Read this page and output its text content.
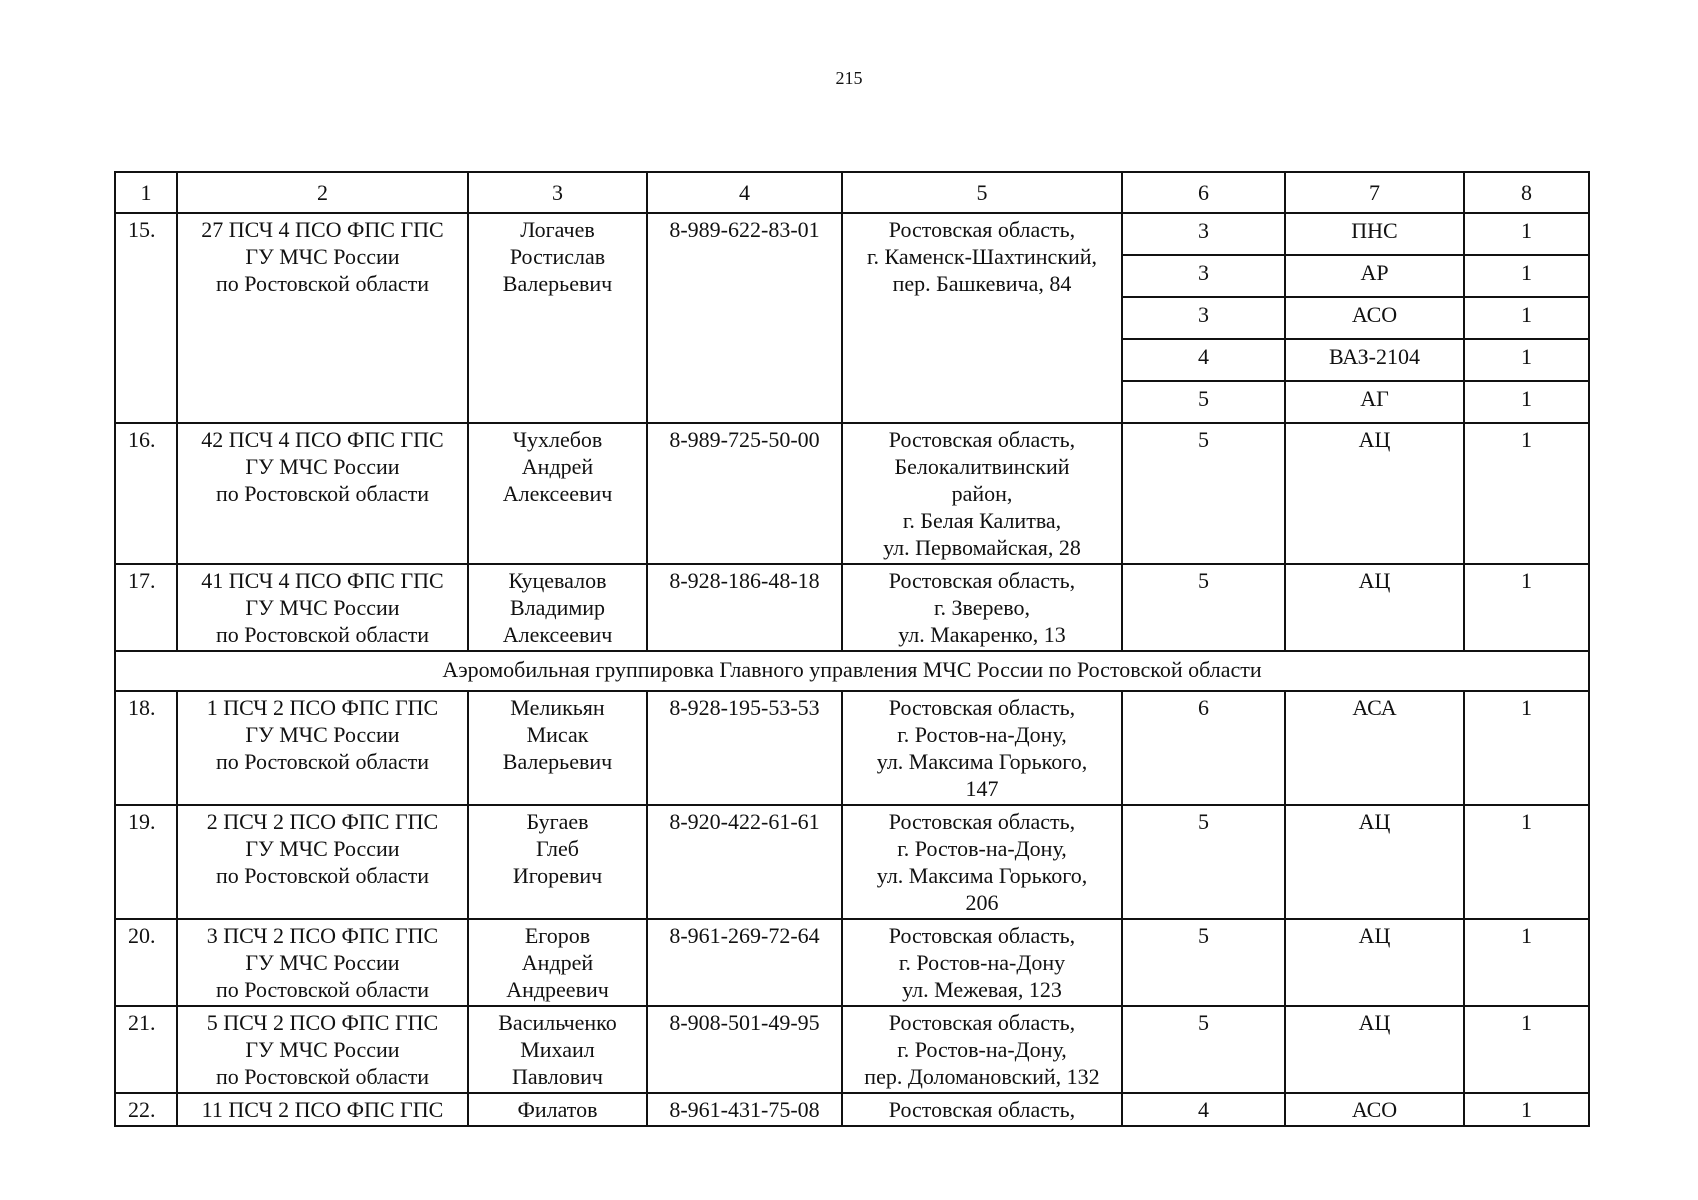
215
1	2	3	4	5	6	7	8
15.	27 ПСЧ 4 ПСО ФПС ГПС
ГУ МЧС России
по Ростовской области	Логачев
Ростислав
Валерьевич	8-989-622-83-01	Ростовская область,
г. Каменск-Шахтинский,
пер. Башкевича, 84	3	ПНС	1
					3	АР	1
					3	АСО	1
					4	ВАЗ-2104	1
					5	АГ	1
16.	42 ПСЧ 4 ПСО ФПС ГПС
ГУ МЧС России
по Ростовской области	Чухлебов
Андрей
Алексеевич	8-989-725-50-00	Ростовская область,
Белокалитвинский
район,
г. Белая Калитва,
ул. Первомайская, 28	5	АЦ	1
17.	41 ПСЧ 4 ПСО ФПС ГПС
ГУ МЧС России
по Ростовской области	Куцевалов
Владимир
Алексеевич	8-928-186-48-18	Ростовская область,
г. Зверево,
ул. Макаренко, 13	5	АЦ	1
Аэромобильная группировка Главного управления МЧС России по Ростовской области							
18.	1 ПСЧ 2 ПСО ФПС ГПС
ГУ МЧС России
по Ростовской области	Меликьян
Мисак
Валерьевич	8-928-195-53-53	Ростовская область,
г. Ростов-на-Дону,
ул. Максима Горького,
147	6	АСА	1
19.	2 ПСЧ 2 ПСО ФПС ГПС
ГУ МЧС России
по Ростовской области	Бугаев
Глеб
Игоревич	8-920-422-61-61	Ростовская область,
г. Ростов-на-Дону,
ул. Максима Горького,
206	5	АЦ	1
20.	3 ПСЧ 2 ПСО ФПС ГПС
ГУ МЧС России
по Ростовской области	Егоров
Андрей
Андреевич	8-961-269-72-64	Ростовская область,
г. Ростов-на-Дону
ул. Межевая, 123	5	АЦ	1
21.	5 ПСЧ 2 ПСО ФПС ГПС
ГУ МЧС России
по Ростовской области	Васильченко
Михаил
Павлович	8-908-501-49-95	Ростовская область,
г. Ростов-на-Дону,
пер. Доломановский, 132	5	АЦ	1
22.	11 ПСЧ 2 ПСО ФПС ГПС	Филатов	8-961-431-75-08	Ростовская область,	4	АСО	1
